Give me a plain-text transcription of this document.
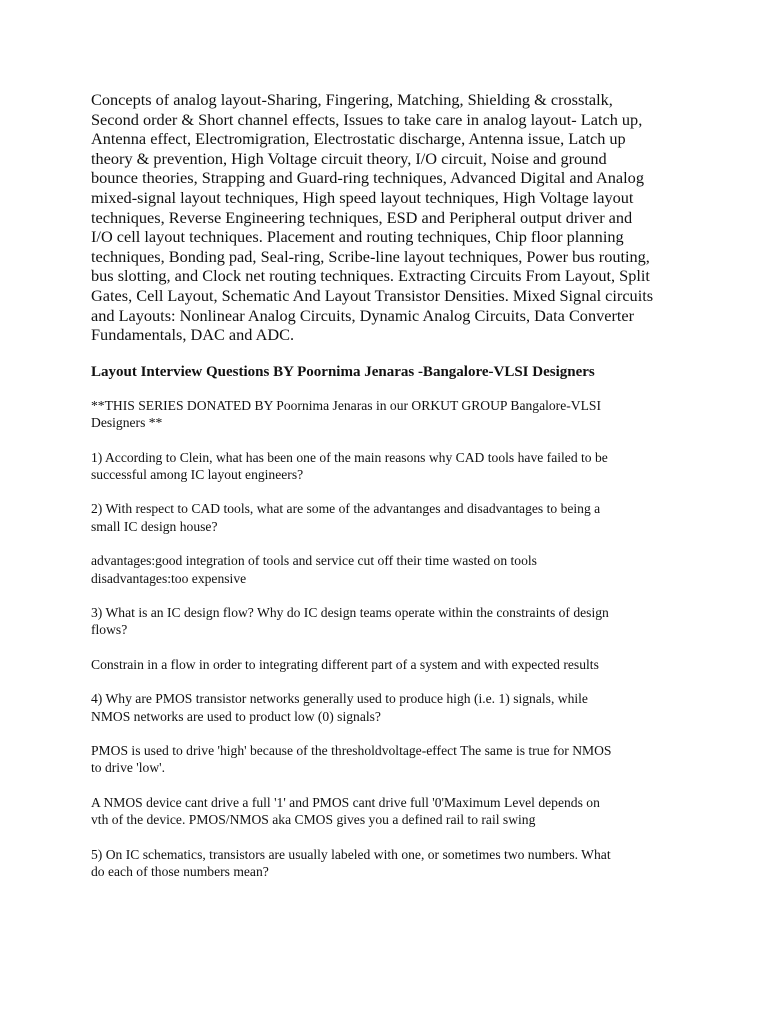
Concepts of analog layout-Sharing, Fingering, Matching, Shielding & crosstalk,
Second order & Short channel effects, Issues to take care in analog layout- Latch up,
Antenna effect, Electromigration, Electrostatic discharge, Antenna issue, Latch up
theory & prevention, High Voltage circuit theory, I/O circuit, Noise and ground
bounce theories, Strapping and Guard-ring techniques, Advanced Digital and Analog
mixed-signal layout techniques, High speed layout techniques, High Voltage layout
techniques, Reverse Engineering techniques, ESD and Peripheral output driver and
I/O cell layout techniques. Placement and routing techniques, Chip floor planning
techniques, Bonding pad, Seal-ring, Scribe-line layout techniques, Power bus routing,
bus slotting, and Clock net routing techniques. Extracting Circuits From Layout, Split
Gates, Cell Layout, Schematic And Layout Transistor Densities. Mixed Signal circuits
and Layouts: Nonlinear Analog Circuits, Dynamic Analog Circuits, Data Converter
Fundamentals, DAC and ADC.

Layout Interview Questions BY Poornima Jenaras -Bangalore-VLSI Designers

**THIS SERIES DONATED BY Poornima Jenaras in our ORKUT GROUP Bangalore-VLSI
Designers **

1) According to Clein, what has been one of the main reasons why CAD tools have failed to be
successful among IC layout engineers?

2) With respect to CAD tools, what are some of the advantanges and disadvantages to being a
small IC design house?

advantages:good integration of tools and service cut off their time wasted on tools
disadvantages:too expensive

3) What is an IC design flow? Why do IC design teams operate within the constraints of design
flows?

Constrain in a flow in order to integrating different part of a system and with expected results

4) Why are PMOS transistor networks generally used to produce high (i.e. 1) signals, while
NMOS networks are used to product low (0) signals?

PMOS is used to drive 'high' because of the thresholdvoltage-effect The same is true for NMOS
to drive 'low'.

A NMOS device cant drive a full '1' and PMOS cant drive full '0'Maximum Level depends on
vth of the device. PMOS/NMOS aka CMOS gives you a defined rail to rail swing

5) On IC schematics, transistors are usually labeled with one, or sometimes two numbers. What
do each of those numbers mean?
